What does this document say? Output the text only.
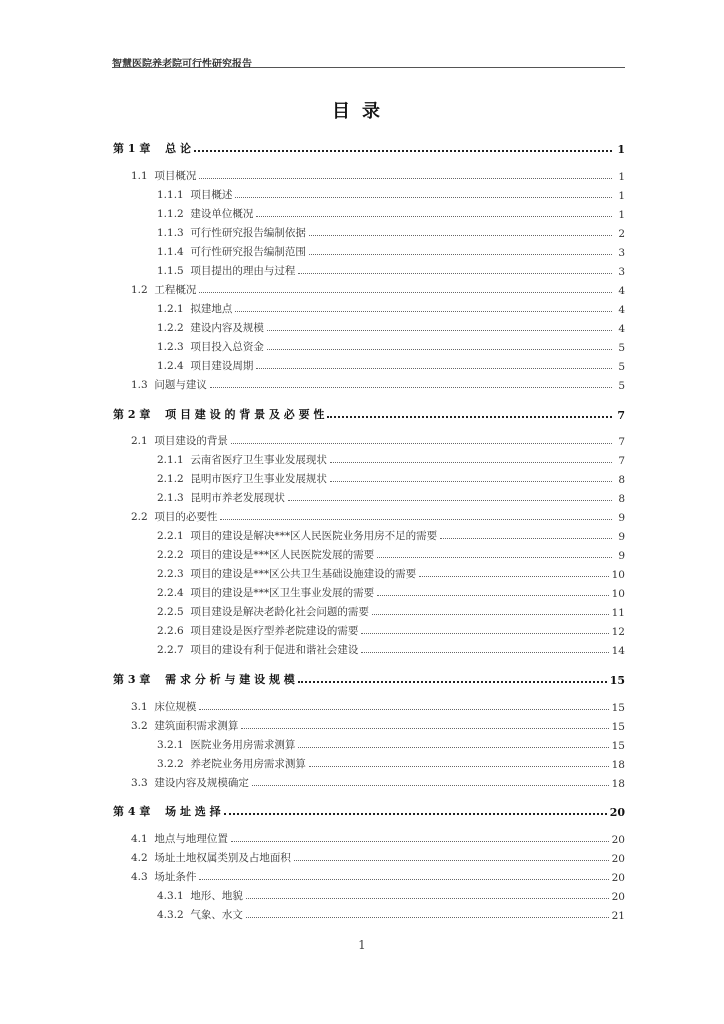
智慧医院养老院可行性研究报告
目录
第 1 章　 总 论	1
1.1  项目概况	1
1.1.1  项目概述	1
1.1.2  建设单位概况	1
1.1.3  可行性研究报告编制依据	2
1.1.4  可行性研究报告编制范围	3
1.1.5  项目提出的理由与过程	3
1.2  工程概况	4
1.2.1  拟建地点	4
1.2.2  建设内容及规模	4
1.2.3  项目投入总资金	5
1.2.4  项目建设周期	5
1.3  问题与建议	5
第 2 章　 项 目 建 设 的 背 景 及 必 要 性	7
2.1  项目建设的背景	7
2.1.1  云南省医疗卫生事业发展现状	7
2.1.2  昆明市医疗卫生事业发展规状	8
2.1.3  昆明市养老发展现状	8
2.2  项目的必要性	9
2.2.1  项目的建设是解决***区人民医院业务用房不足的需要	9
2.2.2  项目的建设是***区人民医院发展的需要	9
2.2.3  项目的建设是***区公共卫生基础设施建设的需要	10
2.2.4  项目的建设是***区卫生事业发展的需要	10
2.2.5  项目建设是解决老龄化社会问题的需要	11
2.2.6  项目建设是医疗型养老院建设的需要	12
2.2.7  项目的建设有利于促进和谐社会建设	14
第 3 章　 需 求 分 析 与 建 设 规 模	15
3.1  床位规模	15
3.2  建筑面积需求测算	15
3.2.1  医院业务用房需求测算	15
3.2.2  养老院业务用房需求测算	18
3.3  建设内容及规模确定	18
第 4 章　 场 址 选 择	20
4.1  地点与地理位置	20
4.2  场址土地权属类别及占地面积	20
4.3  场址条件	20
4.3.1  地形、地貌	20
4.3.2  气象、水文	21
1
